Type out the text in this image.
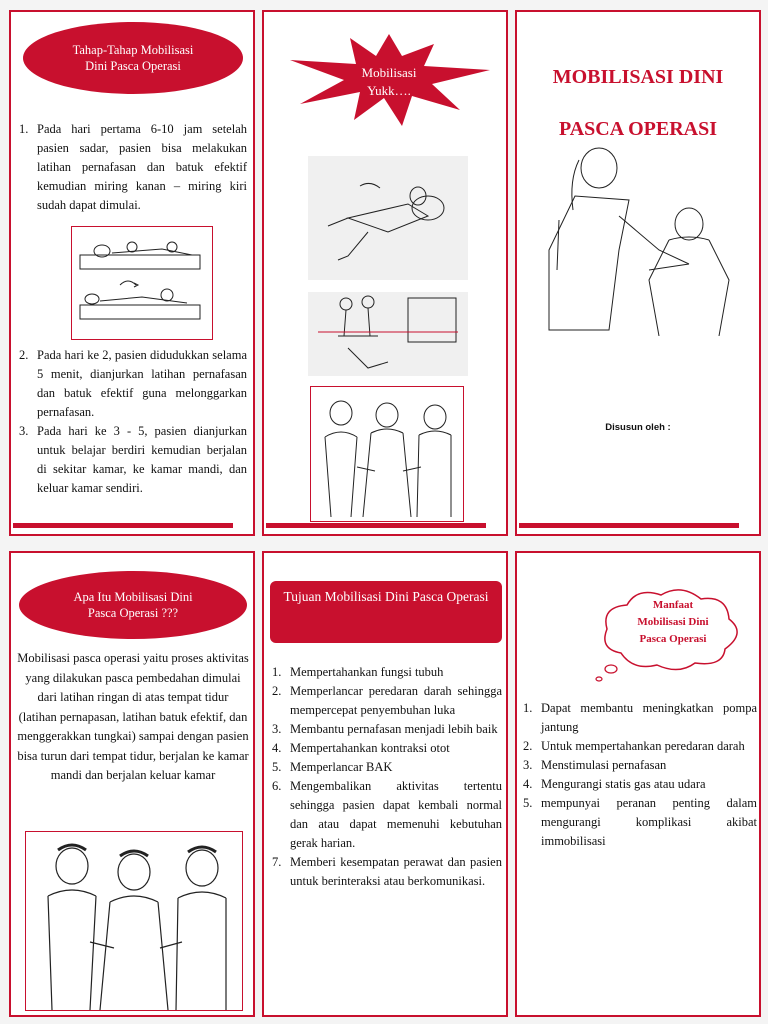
Tahap-Tahap Mobilisasi
Dini Pasca Operasi
1. Pada hari pertama 6-10 jam setelah pasien sadar, pasien bisa melakukan latihan pernafasan dan batuk efektif kemudian miring kanan – miring kiri sudah dapat dimulai.
2. Pada hari ke 2, pasien didudukkan selama 5 menit, dianjurkan latihan pernafasan dan batuk efektif guna melonggarkan pernafasan.
3. Pada hari ke 3 - 5, pasien dianjurkan untuk belajar berdiri kemudian berjalan di sekitar kamar, ke kamar mandi, dan keluar kamar sendiri.
Mobilisasi
Yukk….
MOBILISASI DINI
PASCA OPERASI
Disusun oleh :
Apa Itu Mobilisasi Dini
Pasca Operasi ???
Mobilisasi pasca operasi yaitu proses aktivitas yang dilakukan pasca pembedahan dimulai dari latihan ringan di atas tempat tidur (latihan pernapasan, latihan batuk efektif, dan menggerakkan tungkai) sampai dengan pasien bisa turun dari tempat tidur, berjalan ke kamar mandi dan berjalan keluar kamar
Tujuan Mobilisasi Dini Pasca Operasi
1. Mempertahankan fungsi tubuh
2. Memperlancar peredaran darah sehingga mempercepat penyembuhan luka
3. Membantu pernafasan menjadi lebih baik
4. Mempertahankan kontraksi otot
5. Memperlancar BAK
6. Mengembalikan aktivitas tertentu sehingga pasien dapat kembali normal dan atau dapat memenuhi kebutuhan gerak harian.
7. Memberi kesempatan perawat dan pasien untuk berinteraksi atau berkomunikasi.
Manfaat
Mobilisasi Dini
Pasca Operasi
1. Dapat membantu meningkatkan pompa jantung
2. Untuk mempertahankan peredaran darah
3. Menstimulasi pernafasan
4. Mengurangi statis gas atau udara
5. mempunyai peranan penting dalam mengurangi komplikasi akibat immobilisasi
